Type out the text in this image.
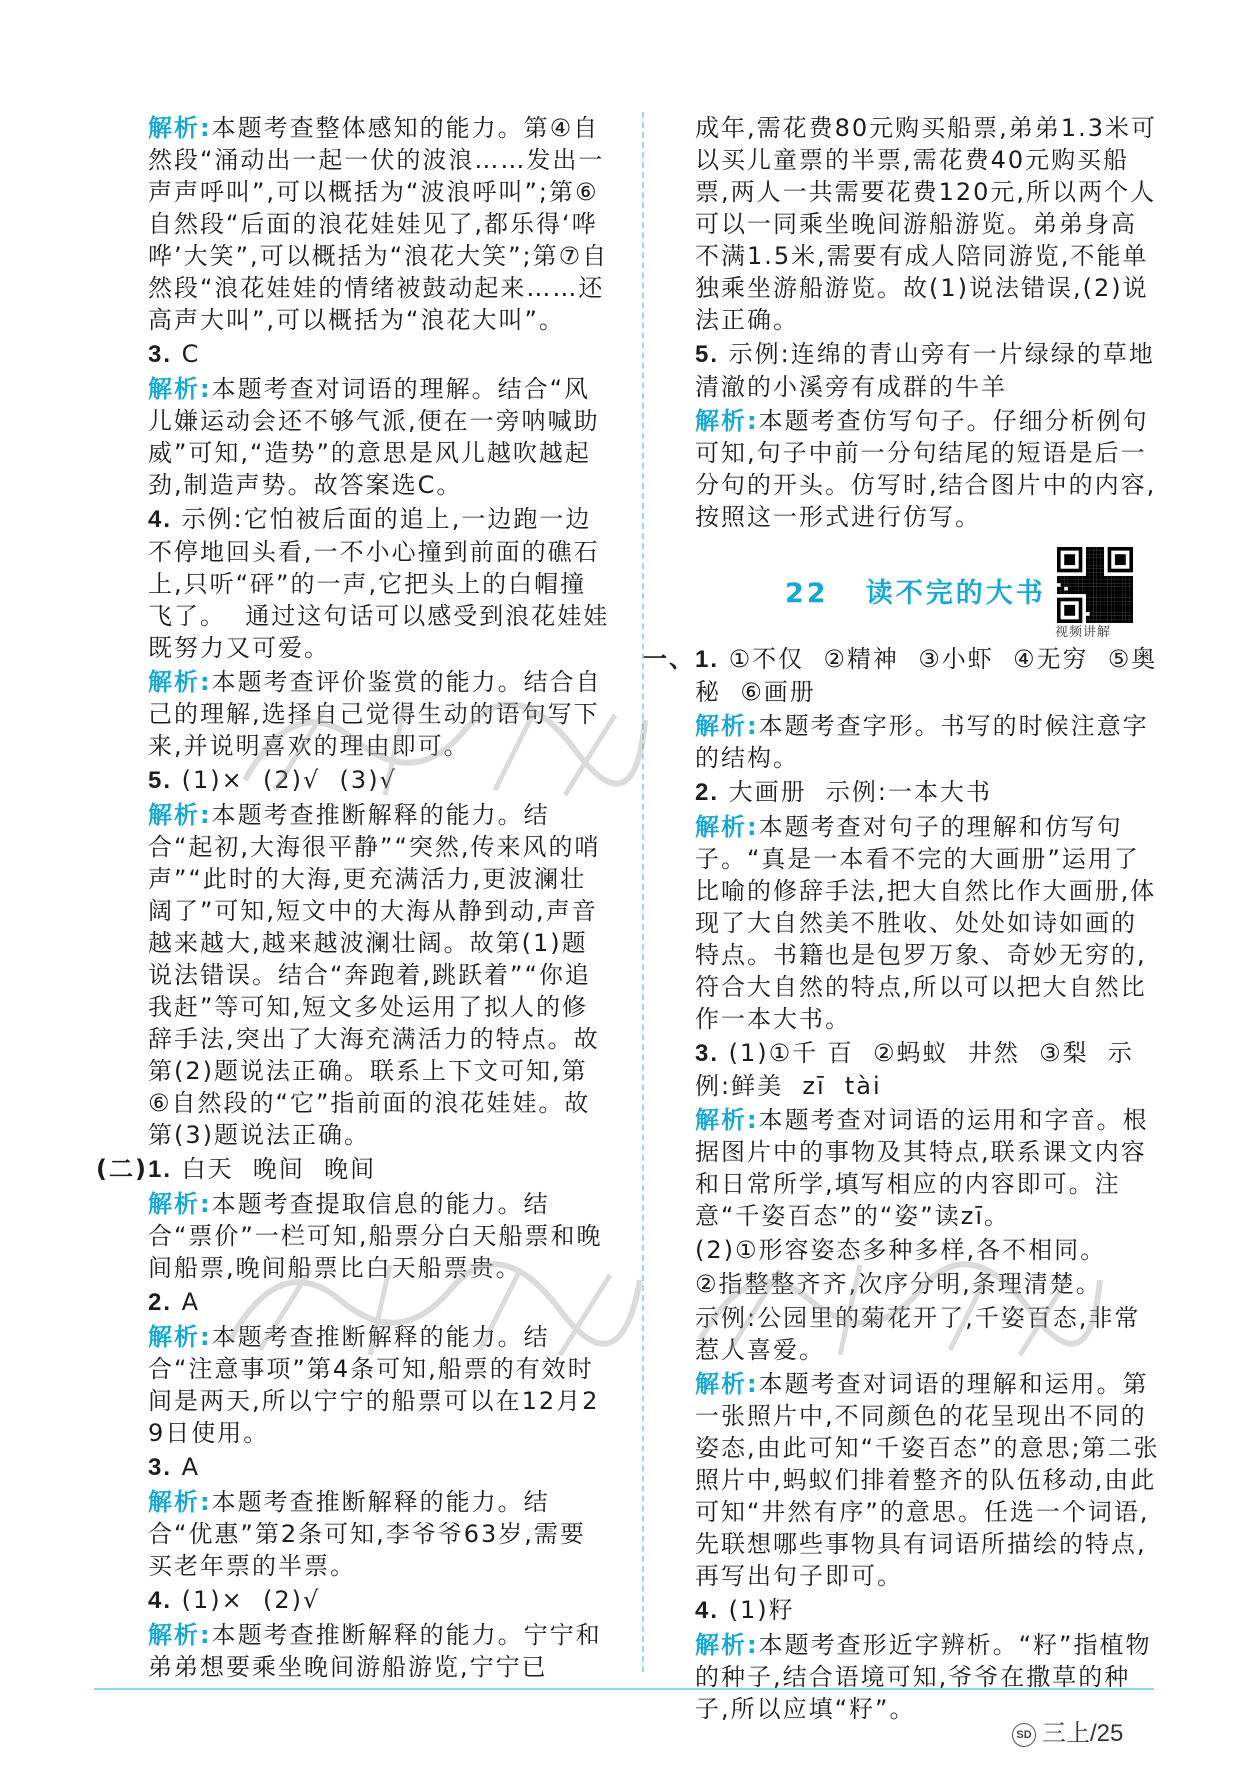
解析:本题考查整体感知的能力。第④自然段“涌动出一起一伏的波浪……发出一声声呼叫”,可以概括为“波浪呼叫”;第⑥自然段“后面的浪花娃娃见了,都乐得‘哗哗’大笑”,可以概括为“浪花大笑”;第⑦自然段“浪花娃娃的情绪被鼓动起来……还高声大叫”,可以概括为“浪花大叫”。

3. C

解析:本题考查对词语的理解。结合“风儿嫌运动会还不够气派,便在一旁呐喊助威”可知,“造势”的意思是风儿越吹越起劲,制造声势。故答案选C。

4. 示例:它怕被后面的追上,一边跑一边不停地回头看,一不小心撞到前面的礁石上,只听“砰”的一声,它把头上的白帽撞飞了。  通过这句话可以感受到浪花娃娃既努力又可爱。

解析:本题考查评价鉴赏的能力。结合自己的理解,选择自己觉得生动的语句写下来,并说明喜欢的理由即可。

5. (1)×  (2)√  (3)√

解析:本题考查推断解释的能力。结合“起初,大海很平静”“突然,传来风的哨声”“此时的大海,更充满活力,更波澜壮阔了”可知,短文中的大海从静到动,声音越来越大,越来越波澜壮阔。故第(1)题说法错误。结合“奔跑着,跳跃着”“你追我赶”等可知,短文多处运用了拟人的修辞手法,突出了大海充满活力的特点。故第(2)题说法正确。联系上下文可知,第⑥自然段的“它”指前面的浪花娃娃。故第(3)题说法正确。

(二) 1. 白天  晚间  晚间

解析:本题考查提取信息的能力。结合“票价”一栏可知,船票分白天船票和晚间船票,晚间船票比白天船票贵。

2. A

解析:本题考查推断解释的能力。结合“注意事项”第4条可知,船票的有效时间是两天,所以宁宁的船票可以在12月29日使用。

3. A

解析:本题考查推断解释的能力。结合“优惠”第2条可知,李爷爷63岁,需要买老年票的半票。

4. (1)×  (2)√

解析:本题考查推断解释的能力。宁宁和弟弟想要乘坐晚间游船游览,宁宁已

成年,需花费80元购买船票,弟弟1.3米可以买儿童票的半票,需花费40元购买船票,两人一共需要花费120元,所以两个人可以一同乘坐晚间游船游览。弟弟身高不满1.5米,需要有成人陪同游览,不能单独乘坐游船游览。故(1)说法错误,(2)说法正确。

5. 示例:连绵的青山旁有一片绿绿的草地  清澈的小溪旁有成群的牛羊

解析:本题考查仿写句子。仔细分析例句可知,句子中前一分句结尾的短语是后一分句的开头。仿写时,结合图片中的内容,按照这一形式进行仿写。

22 读不完的大书
视频讲解

一、 1. ①不仅  ②精神  ③小虾  ④无穷  ⑤奥秘  ⑥画册

解析:本题考查字形。书写的时候注意字的结构。

2. 大画册  示例:一本大书

解析:本题考查对句子的理解和仿写句子。“真是一本看不完的大画册”运用了比喻的修辞手法,把大自然比作大画册,体现了大自然美不胜收、处处如诗如画的特点。书籍也是包罗万象、奇妙无穷的,符合大自然的特点,所以可以把大自然比作一本大书。

3. (1)①千 百  ②蚂蚁  井然  ③梨  示例:鲜美  zī  tài

解析:本题考查对词语的运用和字音。根据图片中的事物及其特点,联系课文内容和日常所学,填写相应的内容即可。注意“千姿百态”的“姿”读zī。

(2)①形容姿态多种多样,各不相同。

②指整整齐齐,次序分明,条理清楚。

示例:公园里的菊花开了,千姿百态,非常惹人喜爱。

解析:本题考查对词语的理解和运用。第一张照片中,不同颜色的花呈现出不同的姿态,由此可知“千姿百态”的意思;第二张照片中,蚂蚁们排着整齐的队伍移动,由此可知“井然有序”的意思。任选一个词语,先联想哪些事物具有词语所描绘的特点,再写出句子即可。

4. (1)籽

解析:本题考查形近字辨析。“籽”指植物的种子,结合语境可知,爷爷在撒草的种子,所以应填“籽”。

SD 三上/25
